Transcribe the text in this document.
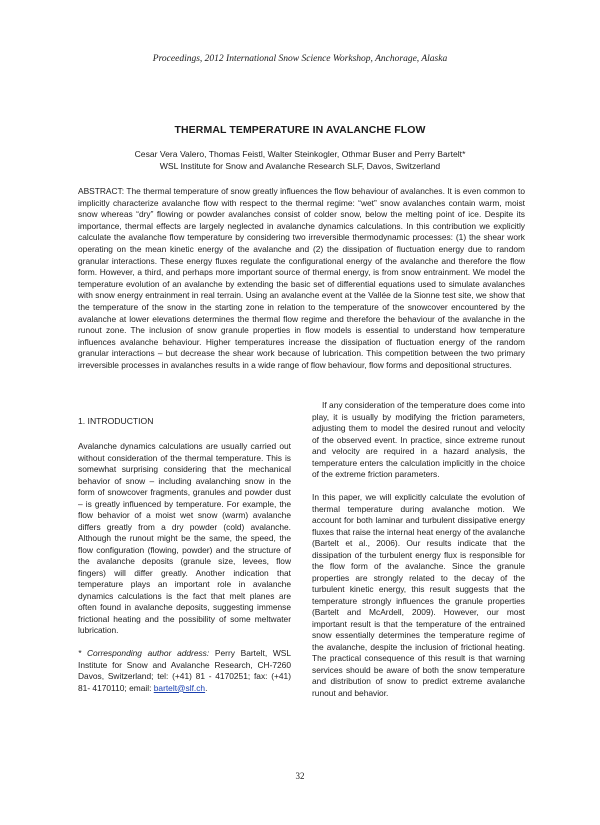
Proceedings, 2012 International Snow Science Workshop, Anchorage, Alaska
THERMAL TEMPERATURE IN AVALANCHE FLOW
Cesar Vera Valero, Thomas Feistl, Walter Steinkogler, Othmar Buser and Perry Bartelt*
WSL Institute for Snow and Avalanche Research SLF, Davos, Switzerland
ABSTRACT: The thermal temperature of snow greatly influences the flow behaviour of avalanches. It is even common to implicitly characterize avalanche flow with respect to the thermal regime: “wet” snow avalanches contain warm, moist snow whereas “dry” flowing or powder avalanches consist of colder snow, below the melting point of ice. Despite its importance, thermal effects are largely neglected in avalanche dynamics calculations. In this contribution we explicitly calculate the avalanche flow temperature by considering two irreversible thermodynamic processes: (1) the shear work operating on the mean kinetic energy of the avalanche and (2) the dissipation of fluctuation energy due to random granular interactions. These energy fluxes regulate the configurational energy of the avalanche and therefore the flow form. However, a third, and perhaps more important source of thermal energy, is from snow entrainment. We model the temperature evolution of an avalanche by extending the basic set of differential equations used to simulate avalanches with snow energy entrainment in real terrain. Using an avalanche event at the Vallée de la Sionne test site, we show that the temperature of the snow in the starting zone in relation to the temperature of the snowcover encountered by the avalanche at lower elevations determines the thermal flow regime and therefore the behaviour of the avalanche in the runout zone. The inclusion of snow granule properties in flow models is essential to understand how temperature influences avalanche behaviour. Higher temperatures increase the dissipation of fluctuation energy of the random granular interactions – but decrease the shear work because of lubrication. This competition between the two primary irreversible processes in avalanches results in a wide range of flow behaviour, flow forms and depositional structures.
1. INTRODUCTION

Avalanche dynamics calculations are usually carried out without consideration of the thermal temperature. This is somewhat surprising considering that the mechanical behavior of snow – including avalanching snow in the form of snowcover fragments, granules and powder dust – is greatly influenced by temperature. For example, the flow behavior of a moist wet snow (warm) avalanche differs greatly from a dry powder (cold) avalanche. Although the runout might be the same, the speed, the flow configuration (flowing, powder) and the structure of the avalanche deposits (granule size, levees, flow fingers) will differ greatly. Another indication that temperature plays an important role in avalanche dynamics calculations is the fact that melt planes are often found in avalanche deposits, suggesting immense frictional heating and the possibility of some meltwater lubrication.

* Corresponding author address: Perry Bartelt, WSL Institute for Snow and Avalanche Research, CH-7260 Davos, Switzerland; tel: (+41) 81 - 4170251; fax: (+41) 81- 4170110; email: bartelt@slf.ch.

If any consideration of the temperature does come into play, it is usually by modifying the friction parameters, adjusting them to model the desired runout and velocity of the observed event. In practice, since extreme runout and velocity are required in a hazard analysis, the temperature enters the calculation implicitly in the choice of the extreme friction parameters.

In this paper, we will explicitly calculate the evolution of thermal temperature during avalanche motion. We account for both laminar and turbulent dissipative energy fluxes that raise the internal heat energy of the avalanche (Bartelt et al., 2006). Our results indicate that the dissipation of the turbulent energy flux is responsible for the flow form of the avalanche. Since the granule properties are strongly related to the decay of the turbulent kinetic energy, this result suggests that the temperature strongly influences the granule properties (Bartelt and McArdell, 2009). However, our most important result is that the temperature of the entrained snow essentially determines the temperature regime of the avalanche, despite the inclusion of frictional heating. The practical consequence of this result is that warning services should be aware of both the snow temperature and distribution of snow to predict extreme avalanche runout and behavior.

32
